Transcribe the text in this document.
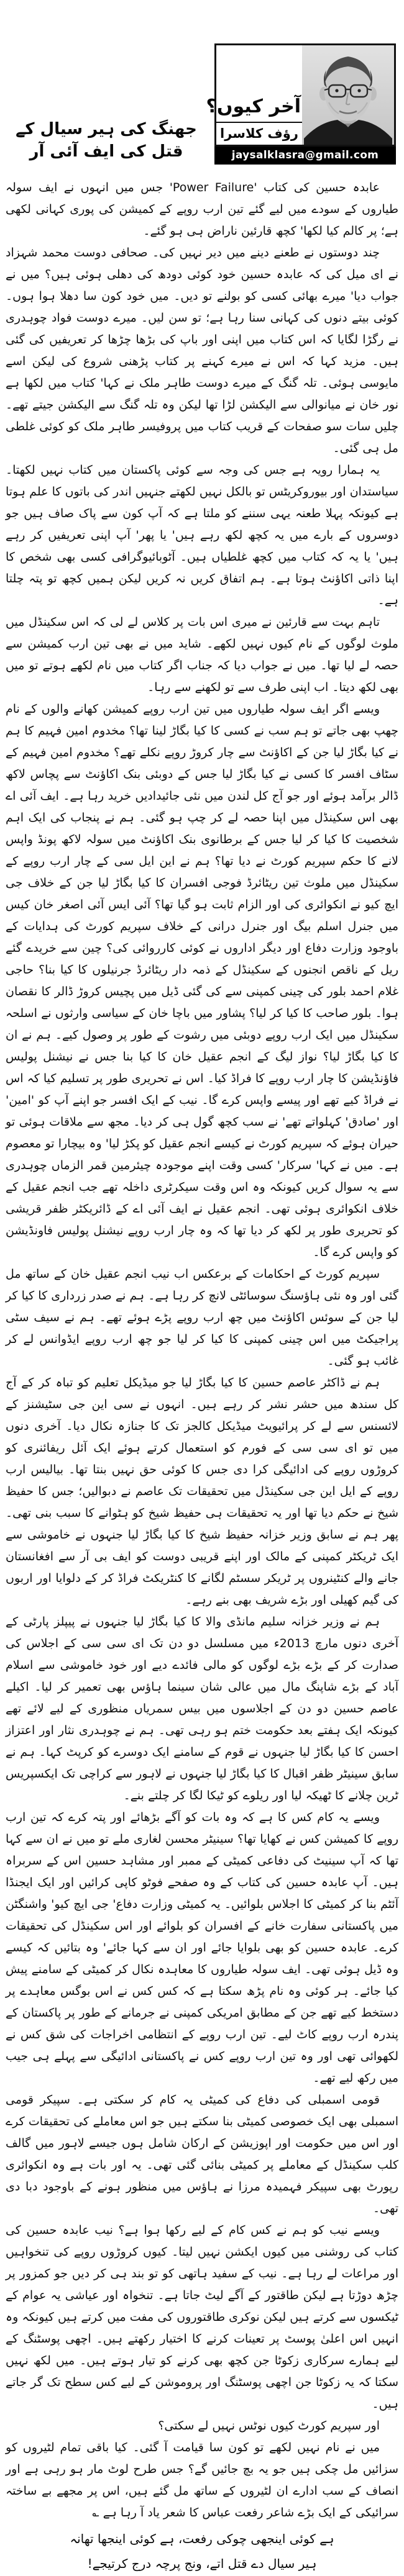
آخر کیوں؟
رؤف کلاسرا
jaysalklasra@gmail.com
جھنگ کی ہیر سیال کے قتل کی ایف آئی آر

عابدہ حسین کی کتاب 'Power Failure' جس میں انہوں نے ایف سولہ طیاروں کے سودے میں لیے گئے تین ارب روپے کے کمیشن کی پوری کہانی لکھی ہے؛ پر کالم کیا لکھا' کچھ قارئین ناراض ہی ہو گئے۔

چند دوستوں نے طعنے دینے میں دیر نہیں کی۔ صحافی دوست محمد شہزاد نے ای میل کی کہ عابدہ حسین خود کوئی دودھ کی دھلی ہوئی ہیں؟ میں نے جواب دیا' میرے بھائی کسی کو بولنے تو دیں۔ میں خود کون سا دھلا ہوا ہوں۔ کوئی بیتے دنوں کی کہانی سنا رہا ہے؛ تو سن لیں۔ میرے دوست فواد چوہدری نے رگڑا لگایا کہ اس کتاب میں اپنی اور باپ کی بڑھا چڑھا کر تعریفیں کی گئی ہیں۔ مزید کہا کہ اس نے میرے کہنے پر کتاب پڑھنی شروع کی لیکن اسے مایوسی ہوئی۔ تلہ گنگ کے میرے دوست طاہر ملک نے کہا' کتاب میں لکھا ہے نور خان نے میانوالی سے الیکشن لڑا تھا لیکن وہ تلہ گنگ سے الیکشن جیتے تھے۔ چلیں سات سو صفحات کے قریب کتاب میں پروفیسر طاہر ملک کو کوئی غلطی مل ہی گئی۔

یہ ہمارا رویہ ہے جس کی وجہ سے کوئی پاکستان میں کتاب نہیں لکھتا۔ سیاستدان اور بیوروکریٹس تو بالکل نہیں لکھتے جنہیں اندر کی باتوں کا علم ہوتا ہے کیونکہ پہلا طعنہ یہی سننے کو ملتا ہے کہ آپ کون سے پاک صاف ہیں جو دوسروں کے بارے میں یہ کچھ لکھ رہے ہیں' یا پھر' آپ اپنی تعریفیں کر رہے ہیں' یا یہ کہ کتاب میں کچھ غلطیاں ہیں۔ آٹوبائیوگرافی کسی بھی شخص کا اپنا ذاتی اکاؤنٹ ہوتا ہے۔ ہم اتفاق کریں نہ کریں لیکن ہمیں کچھ تو پتہ چلتا ہے۔

تاہم بہت سے قارئین نے میری اس بات پر کلاس لے لی کہ اس سکینڈل میں ملوث لوگوں کے نام کیوں نہیں لکھے۔ شاید میں نے بھی تین ارب کمیشن سے حصہ لے لیا تھا۔ میں نے جواب دیا کہ جناب اگر کتاب میں نام لکھے ہوتے تو میں بھی لکھ دیتا۔ اب اپنی طرف سے تو لکھنے سے رہا۔

ویسے اگر ایف سولہ طیاروں میں تین ارب روپے کمیشن کھانے والوں کے نام چھپ بھی جاتے تو ہم سب نے کسی کا کیا بگاڑ لینا تھا؟ مخدوم امین فہیم کا ہم نے کیا بگاڑ لیا جن کے اکاؤنٹ سے چار کروڑ روپے نکلے تھے؟ مخدوم امین فہیم کے سٹاف افسر کا کسی نے کیا بگاڑ لیا جس کے دوبئی بنک اکاؤنٹ سے پچاس لاکھ ڈالر برآمد ہوئے اور جو آج کل لندن میں نئی جائیدادیں خرید رہا ہے۔ ایف آئی اے بھی اس سکینڈل میں اپنا حصہ لے کر چپ ہو گئی۔ ہم نے پنجاب کی ایک اہم شخصیت کا کیا کر لیا جس کے برطانوی بنک اکاؤنٹ میں سولہ لاکھ پونڈ واپس لانے کا حکم سپریم کورٹ نے دیا تھا؟ ہم نے این ایل سی کے چار ارب روپے کے سکینڈل میں ملوث تین ریٹائرڈ فوجی افسران کا کیا بگاڑ لیا جن کے خلاف جی ایچ کیو نے انکوائری کی اور الزام ثابت ہو گیا تھا؟ آئی ایس آئی اصغر خان کیس میں جنرل اسلم بیگ اور جنرل درانی کے خلاف سپریم کورٹ کی ہدایات کے باوجود وزارت دفاع اور دیگر اداروں نے کوئی کارروائی کی؟ چین سے خریدے گئے ریل کے ناقص انجنوں کے سکینڈل کے ذمہ دار ریٹائرڈ جرنیلوں کا کیا بنا؟ حاجی غلام احمد بلور کی چینی کمپنی سے کی گئی ڈیل میں پچیس کروڑ ڈالر کا نقصان ہوا۔ بلور صاحب کا کیا کر لیا؟ پشاور میں باچا خان کے سیاسی وارثوں نے اسلحہ سکینڈل میں ایک ارب روپے دوبئی میں رشوت کے طور پر وصول کیے۔ ہم نے ان کا کیا بگاڑ لیا؟ نواز لیگ کے انجم عقیل خان کا کیا بنا جس نے نیشنل پولیس فاؤنڈیشن کا چار ارب روپے کا فراڈ کیا۔ اس نے تحریری طور پر تسلیم کیا کہ اس نے فراڈ کیے تھے اور پیسے واپس کرے گا۔ نیب کے ایک افسر جو اپنے آپ کو 'امین' اور 'صادق' کہلواتے تھے' نے سب کچھ گول ہی کر دیا۔ مجھ سے ملاقات ہوئی تو حیران ہوئے کہ سپریم کورٹ نے کیسے انجم عقیل کو پکڑ لیا' وہ بیچارا تو معصوم ہے۔ میں نے کہا' سرکار' کسی وقت اپنے موجودہ چیئرمین قمر الزماں چوہدری سے یہ سوال کریں کیونکہ وہ اس وقت سیکرٹری داخلہ تھے جب انجم عقیل کے خلاف انکوائری ہوئی تھی۔ انجم عقیل نے ایف آئی اے کے ڈائریکٹر ظفر قریشی کو تحریری طور پر لکھ کر دیا تھا کہ وہ چار ارب روپے نیشنل پولیس فاونڈیشن کو واپس کرے گا۔

سپریم کورٹ کے احکامات کے برعکس اب نیب انجم عقیل خان کے ساتھ مل گئی اور وہ نئی ہاؤسنگ سوسائٹی لانچ کر رہا ہے۔ ہم نے صدر زرداری کا کیا کر لیا جن کے سوئس اکاؤنٹ میں چھ ارب روپے پڑے ہوئے تھے۔ ہم نے سیف سٹی پراجیکٹ میں اس چینی کمپنی کا کیا کر لیا جو چھ ارب روپے ایڈوانس لے کر غائب ہو گئی۔

ہم نے ڈاکٹر عاصم حسین کا کیا بگاڑ لیا جو میڈیکل تعلیم کو تباہ کر کے آج کل سندھ میں حشر نشر کر رہے ہیں۔ انہوں نے سی این جی سٹیشنز کے لائسنس سے لے کر پرائیویٹ میڈیکل کالجز تک کا جنازہ نکال دیا۔ آخری دنوں میں تو ای سی سی کے فورم کو استعمال کرتے ہوئے ایک آئل ریفائنری کو کروڑوں روپے کی ادائیگی کرا دی جس کا کوئی حق نہیں بنتا تھا۔ بیالیس ارب روپے کے ایل این جی سکینڈل میں تحقیقات تک عاصم نے دبوالیں؛ جس کا حفیظ شیخ نے حکم دیا تھا اور یہ تحقیقات ہی حفیظ شیخ کو ہٹوانے کا سبب بنی تھی۔ پھر ہم نے سابق وزیر خزانہ حفیظ شیخ کا کیا بگاڑ لیا جنہوں نے خاموشی سے ایک ٹریکٹر کمپنی کے مالک اور اپنے قریبی دوست کو ایف بی آر سے افغانستان جانے والے کنٹینروں پر ٹریکر سسٹم لگانے کا کنٹریکٹ فراڈ کر کے دلوایا اور اربوں کی گیم کھیلی اور بڑے شریف بھی بنے رہے۔

ہم نے وزیر خزانہ سلیم مانڈی والا کا کیا بگاڑ لیا جنہوں نے پیپلز پارٹی کے آخری دنوں مارچ 2013ء میں مسلسل دو دن تک ای سی سی کے اجلاس کی صدارت کر کے بڑے بڑے لوگوں کو مالی فائدے دیے اور خود خاموشی سے اسلام آباد کے بڑے شاپنگ مال میں عالی شان سینما ہاؤس بھی تعمیر کر لیا۔ اکیلے عاصم حسین دو دن کے اجلاسوں میں بیس سمریاں منظوری کے لیے لائے تھے کیونکہ ایک ہفتے بعد حکومت ختم ہو رہی تھی۔ ہم نے چوہدری نثار اور اعتزاز احسن کا کیا بگاڑ لیا جنہوں نے قوم کے سامنے ایک دوسرے کو کرپٹ کہا۔ ہم نے سابق سینیٹر ظفر اقبال کا کیا بگاڑ لیا جنہوں نے لاہور سے کراچی تک ایکسپریس ٹرین چلانے کا ٹھیکہ لیا اور ریلوے کو ٹیکا لگا کر چلتے بنے۔

ویسے یہ کام کس کا ہے کہ وہ بات کو آگے بڑھائے اور پتہ کرے کہ تین ارب روپے کا کمیشن کس نے کھایا تھا؟ سینیٹر محسن لغاری ملے تو میں نے ان سے کہا تھا کہ آپ سینیٹ کی دفاعی کمیٹی کے ممبر اور مشاہد حسین اس کے سربراہ ہیں۔ آپ عابدہ حسین کی کتاب کے وہ صفحے فوٹو کاپی کرائیں اور ایک ایجنڈا آئٹم بنا کر کمیٹی کا اجلاس بلوائیں۔ یہ کمیٹی وزارت دفاع' جی ایچ کیو' واشنگٹن میں پاکستانی سفارت خانے کے افسران کو بلوائے اور اس سکینڈل کی تحقیقات کرے۔ عابدہ حسین کو بھی بلوایا جائے اور ان سے کہا جائے' وہ بتائیں کہ کیسے وہ ڈیل ہوئی تھی۔ ایف سولہ طیاروں کا معاہدہ نکال کر کمیٹی کے سامنے پیش کیا جائے۔ ہر کوئی وہ نام پڑھ سکتا ہے کہ کس کس نے اس بوگس معاہدے پر دستخط کیے تھے جن کے مطابق امریکی کمپنی نے جرمانے کے طور پر پاکستان کے پندرہ ارب روپے کاٹ لیے۔ تین ارب روپے کے انتظامی اخراجات کی شق کس نے لکھوائی تھی اور وہ تین ارب روپے کس نے پاکستانی ادائیگی سے پہلے ہی جیب میں رکھ لیے تھے۔

قومی اسمبلی کی دفاع کی کمیٹی یہ کام کر سکتی ہے۔ سپیکر قومی اسمبلی بھی ایک خصوصی کمیٹی بنا سکتے ہیں جو اس معاملے کی تحقیقات کرے اور اس میں حکومت اور اپوزیشن کے ارکان شامل ہوں جیسے لاہور میں گالف کلب سکینڈل کے معاملے پر کمیٹی بنائی گئی تھی۔ یہ اور بات ہے وہ انکوائری رپورٹ بھی سپیکر فہمیدہ مرزا نے ہاؤس میں منظور ہونے کے باوجود دبا دی تھی۔

ویسے نیب کو ہم نے کس کام کے لیے رکھا ہوا ہے؟ نیب عابدہ حسین کی کتاب کی روشنی میں کیوں ایکشن نہیں لیتا۔ کیوں کروڑوں روپے کی تنخواہیں اور مراعات لے رہا ہے۔ نیب کے سفید ہاتھی کو تو بند ہی کر دیں جو کمزور پر چڑھ دوڑتا ہے لیکن طاقتور کے آگے لیٹ جاتا ہے۔ تنخواہ اور عیاشی یہ عوام کے ٹیکسوں سے کرتے ہیں لیکن نوکری طاقتوروں کی مفت میں کرتے ہیں کیونکہ وہ انہیں اس اعلیٰ پوسٹ پر تعینات کرنے کا اختیار رکھتے ہیں۔ اچھی پوسٹنگ کے لیے ہمارے سرکاری زکوٹا جن کچھ بھی کرنے کو تیار ہوتے ہیں۔ میں لکھ نہیں سکتا کہ یہ زکوٹا جن اچھی پوسٹنگ اور پروموشن کے لیے کس سطح تک گر جاتے ہیں۔

اور سپریم کورٹ کیوں نوٹس نہیں لے سکتی؟

میں نے نام نہیں لکھے تو کون سا قیامت آ گئی۔ کیا باقی تمام لٹیروں کو سزائیں مل چکی ہیں جو یہ بچ جائیں گے؟ جس طرح لوٹ مار ہو رہی ہے اور انصاف کے سب ادارے ان لٹیروں کے ساتھ مل گئے ہیں، اس پر مجھے بے ساختہ سرائیکی کے ایک بڑے شاعر رفعت عباس کا شعر یاد آ رہا ہے ؎

ہے کوئی اینجھی چوکی رفعت، ہے کوئی اینجھا تھانہ
ہیر سیال دے قتل اتے، ونج پرچہ درج کرتیجے!
